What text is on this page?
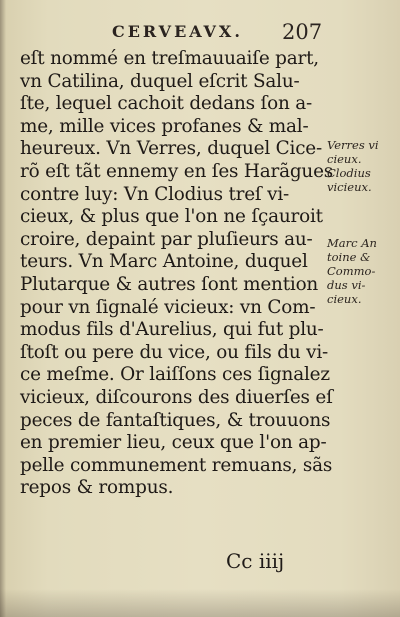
CERVEAVX. 207
eſt nommé en treſmauuaiſe part,
vn Catilina, duquel eſcrit Salu-
ſte, lequel cachoit dedans ſon a-
me, mille vices profanes & mal-
heureux. Vn Verres, duquel Cice-
rõ eſt tãt ennemy en ſes Harãgues
contre luy: Vn Clodius treſ vi-
cieux, & plus que l'on ne ſçauroit
croire, depaint par pluſieurs au-
teurs. Vn Marc Antoine, duquel
Plutarque & autres ſont mention
pour vn ſignalé vicieux: vn Com-
modus fils d'Aurelius, qui fut plu-
ſtoſt ou pere du vice, ou fils du vi-
ce meſme. Or laiſſons ces ſignalez
vicieux, diſcourons des diuerſes eſ
peces de fantaſtiques, & trouuons
en premier lieu, ceux que l'on ap-
pelle communement remuans, sãs
repos & rompus.
Verres vi
cieux.
Clodius
vicieux.

Marc An
toine &
Commo-
dus vi-
cieux.
Cc iiij
